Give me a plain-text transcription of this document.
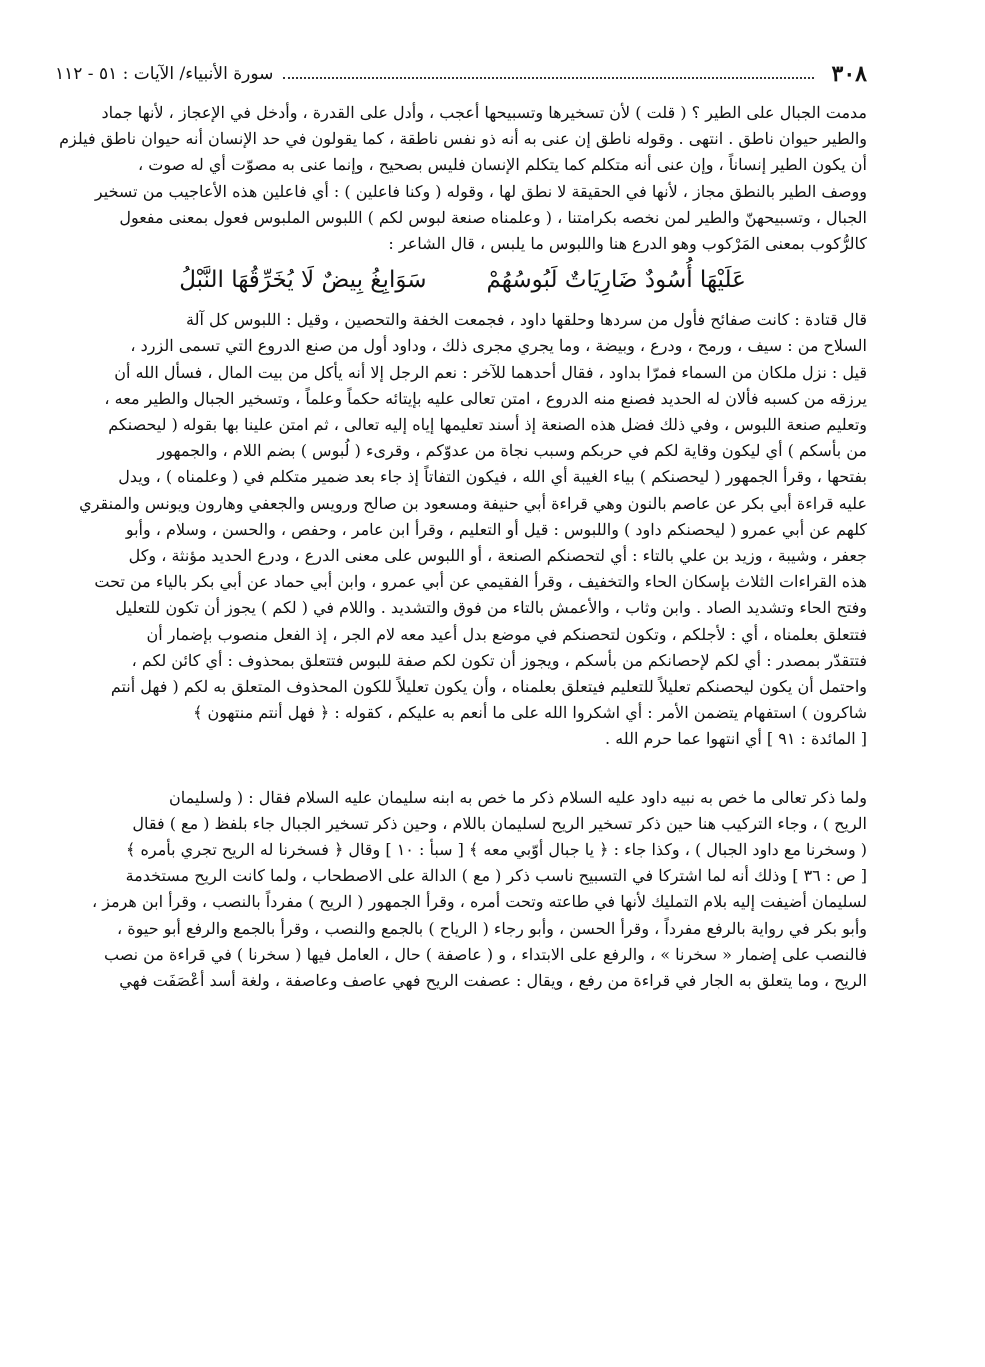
٣٠٨
سورة الأنبياء/ الآيات : ٥١ - ١١٢

مدمت الجبال على الطير ؟ ( قلت ) لأن تسخيرها وتسبيحها أعجب ، وأدل على القدرة ، وأدخل في الإعجاز ، لأنها جماد

والطير حيوان ناطق . انتهى . وقوله ناطق إن عنى به أنه ذو نفس ناطقة ، كما يقولون في حد الإنسان أنه حيوان ناطق فيلزم

أن يكون الطير إنساناً ، وإن عنى أنه متكلم كما يتكلم الإنسان فليس بصحيح ، وإنما عنى به مصوّت أي له صوت ،

ووصف الطير بالنطق مجاز ، لأنها في الحقيقة لا نطق لها ، وقوله ( وكنا فاعلين ) : أي فاعلين هذه الأعاجيب من تسخير

الجبال ، وتسبيحهنّ والطير لمن نخصه بكرامتنا ، ( وعلمناه صنعة لبوس لكم ) اللبوس الملبوس فعول بمعنى مفعول

كالرُّكوب بمعنى المَرْكوب وهو الدرع هنا واللبوس ما يلبس ، قال الشاعر :

عَلَيْهَا أُسُودٌ ضَارِيَاتٌ لَبُوسُهُمْ
سَوَابِغُ بِيضٌ لَا يُخَرِّقُهَا النَّبْلُ

قال قتادة : كانت صفائح فأول من سردها وحلقها داود ، فجمعت الخفة والتحصين ، وقيل : اللبوس كل آلة

السلاح من : سيف ، ورمح ، ودرع ، وبيضة ، وما يجري مجرى ذلك ، وداود أول من صنع الدروع التي تسمى الزرد ،

قيل : نزل ملكان من السماء فمرّا بداود ، فقال أحدهما للآخر : نعم الرجل إلا أنه يأكل من بيت المال ، فسأل الله أن

يرزقه من كسبه فألان له الحديد فصنع منه الدروع ، امتن تعالى عليه بإيتائه حكماً وعلماً ، وتسخير الجبال والطير معه ،

وتعليم صنعة اللبوس ، وفي ذلك فضل هذه الصنعة إذ أسند تعليمها إياه إليه تعالى ، ثم امتن علينا بها بقوله ( ليحصنكم

من بأسكم ) أي ليكون وقاية لكم في حربكم وسبب نجاة من عدوّكم ، وقرىء ( لُبوس ) بضم اللام ، والجمهور

بفتحها ، وقرأ الجمهور ( ليحصنكم ) بياء الغيبة أي الله ، فيكون التفاتاً إذ جاء بعد ضمير متكلم في ( وعلمناه ) ، ويدل

عليه قراءة أبي بكر عن عاصم بالنون وهي قراءة أبي حنيفة ومسعود بن صالح ورويس والجعفي وهارون ويونس والمنقري

كلهم عن أبي عمرو ( ليحصنكم داود ) واللبوس : قيل أو التعليم ، وقرأ ابن عامر ، وحفص ، والحسن ، وسلام ، وأبو

جعفر ، وشيبة ، وزيد بن علي بالتاء : أي لتحصنكم الصنعة ، أو اللبوس على معنى الدرع ، ودرع الحديد مؤنثة ، وكل

هذه القراءات الثلاث بإسكان الحاء والتخفيف ، وقرأ الفقيمي عن أبي عمرو ، وابن أبي حماد عن أبي بكر بالياء من تحت

وفتح الحاء وتشديد الصاد . وابن وثاب ، والأعمش بالتاء من فوق والتشديد . واللام في ( لكم ) يجوز أن تكون للتعليل

فتتعلق بعلمناه ، أي : لأجلكم ، وتكون لتحصنكم في موضع بدل أعيد معه لام الجر ، إذ الفعل منصوب بإضمار أن

فتتقدّر بمصدر : أي لكم لإحصانكم من بأسكم ، ويجوز أن تكون لكم صفة للبوس فتتعلق بمحذوف : أي كائن لكم ،

واحتمل أن يكون ليحصنكم تعليلاً للتعليم فيتعلق بعلمناه ، وأن يكون تعليلاً للكون المحذوف المتعلق به لكم ( فهل أنتم

شاكرون ) استفهام يتضمن الأمر : أي اشكروا الله على ما أنعم به عليكم ، كقوله : ﴿ فهل أنتم منتهون ﴾

[ المائدة : ٩١ ] أي انتهوا عما حرم الله .

ولما ذكر تعالى ما خص به نبيه داود عليه السلام ذكر ما خص به ابنه سليمان عليه السلام فقال : ( ولسليمان

الريح ) ، وجاء التركيب هنا حين ذكر تسخير الريح لسليمان باللام ، وحين ذكر تسخير الجبال جاء بلفظ ( مع ) فقال

( وسخرنا مع داود الجبال ) ، وكذا جاء : ﴿ يا جبال أوّبي معه ﴾ [ سبأ : ١٠ ] وقال ﴿ فسخرنا له الريح تجري بأمره ﴾

[ ص : ٣٦ ] وذلك أنه لما اشتركا في التسبيح ناسب ذكر ( مع ) الدالة على الاصطحاب ، ولما كانت الريح مستخدمة

لسليمان أضيفت إليه بلام التمليك لأنها في طاعته وتحت أمره ، وقرأ الجمهور ( الريح ) مفرداً بالنصب ، وقرأ ابن هرمز ،

وأبو بكر في رواية بالرفع مفرداً ، وقرأ الحسن ، وأبو رجاء ( الرياح ) بالجمع والنصب ، وقرأ بالجمع والرفع أبو حيوة ،

فالنصب على إضمار « سخرنا » ، والرفع على الابتداء ، و ( عاصفة ) حال ، العامل فيها ( سخرنا ) في قراءة من نصب

الريح ، وما يتعلق به الجار في قراءة من رفع ، ويقال : عصفت الريح فهي عاصف وعاصفة ، ولغة أسد أعْصَفَت فهي
